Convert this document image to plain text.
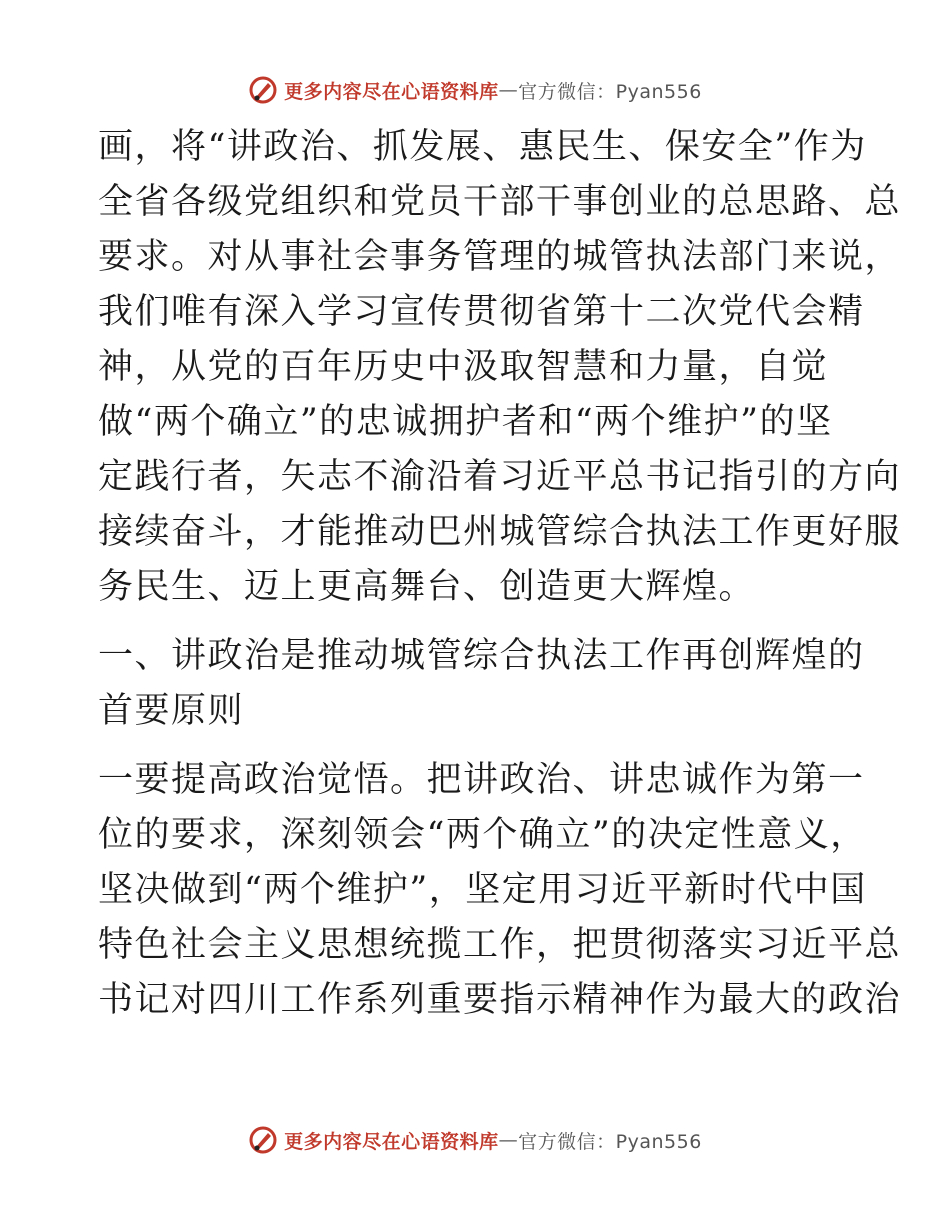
更多内容尽在心语资料库 — 官方微信：Pyan556
画，将“讲政治、抓发展、惠民生、保安全”作为
全省各级党组织和党员干部干事创业的总思路、总
要求。对从事社会事务管理的城管执法部门来说，
我们唯有深入学习宣传贯彻省第十二次党代会精
神，从党的百年历史中汲取智慧和力量，自觉
做“两个确立”的忠诚拥护者和“两个维护”的坚
定践行者，矢志不渝沿着习近平总书记指引的方向
接续奋斗，才能推动巴州城管综合执法工作更好服
务民生、迈上更高舞台、创造更大辉煌。
一、讲政治是推动城管综合执法工作再创辉煌的
首要原则
一要提高政治觉悟。把讲政治、讲忠诚作为第一
位的要求，深刻领会“两个确立”的决定性意义，
坚决做到“两个维护”，坚定用习近平新时代中国
特色社会主义思想统揽工作，把贯彻落实习近平总
书记对四川工作系列重要指示精神作为最大的政治
更多内容尽在心语资料库 — 官方微信：Pyan556
